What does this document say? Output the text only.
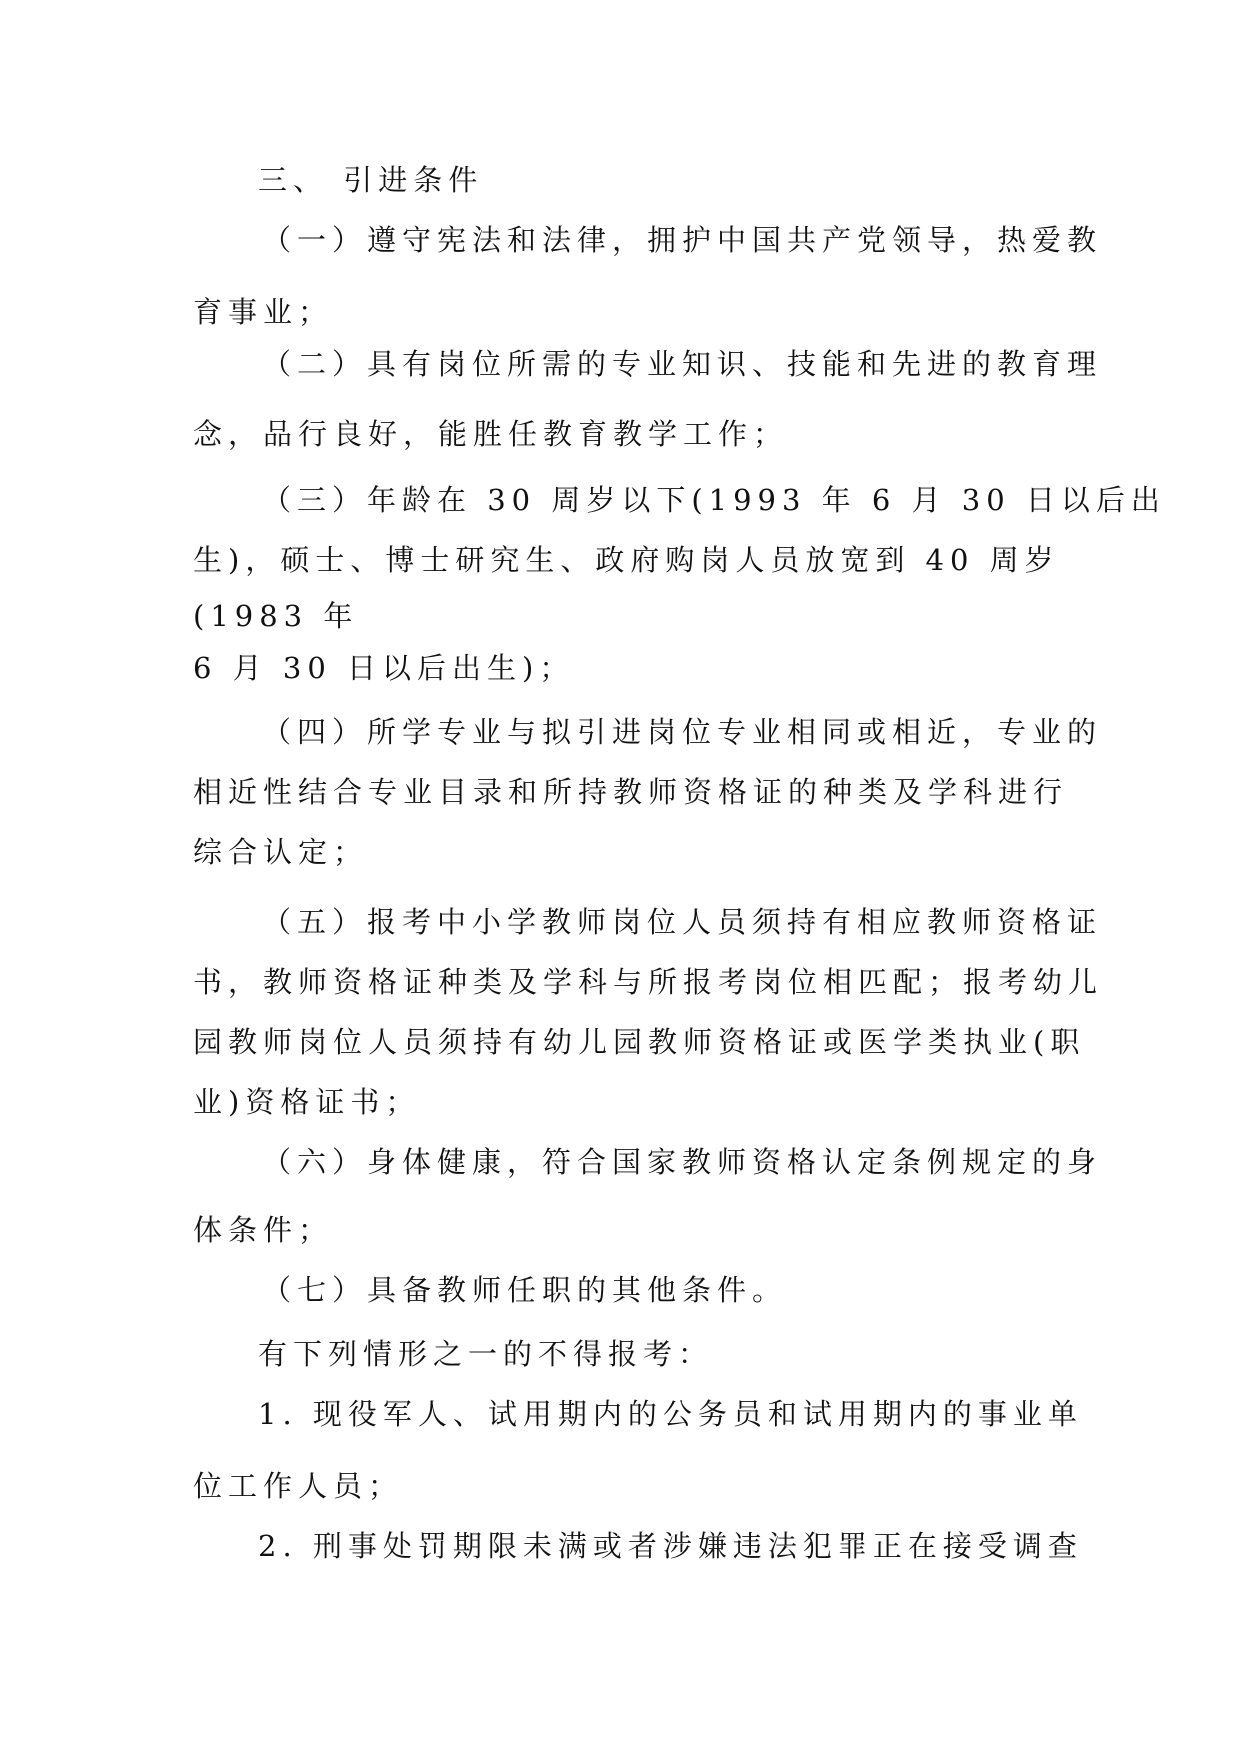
三、 引进条件
（一）遵守宪法和法律，拥护中国共产党领导，热爱教
育事业；
（二）具有岗位所需的专业知识、技能和先进的教育理
念，品行良好，能胜任教育教学工作；
（三）年龄在 30 周岁以下(1993 年 6 月 30 日以后出
生)，硕士、博士研究生、政府购岗人员放宽到 40 周岁
(1983 年
6 月 30 日以后出生)；
（四）所学专业与拟引进岗位专业相同或相近，专业的
相近性结合专业目录和所持教师资格证的种类及学科进行
综合认定；
（五）报考中小学教师岗位人员须持有相应教师资格证
书，教师资格证种类及学科与所报考岗位相匹配；报考幼儿
园教师岗位人员须持有幼儿园教师资格证或医学类执业(职
业)资格证书；
（六）身体健康，符合国家教师资格认定条例规定的身
体条件；
（七）具备教师任职的其他条件。
有下列情形之一的不得报考：
1. 现役军人、试用期内的公务员和试用期内的事业单
位工作人员；
2. 刑事处罚期限未满或者涉嫌违法犯罪正在接受调查
